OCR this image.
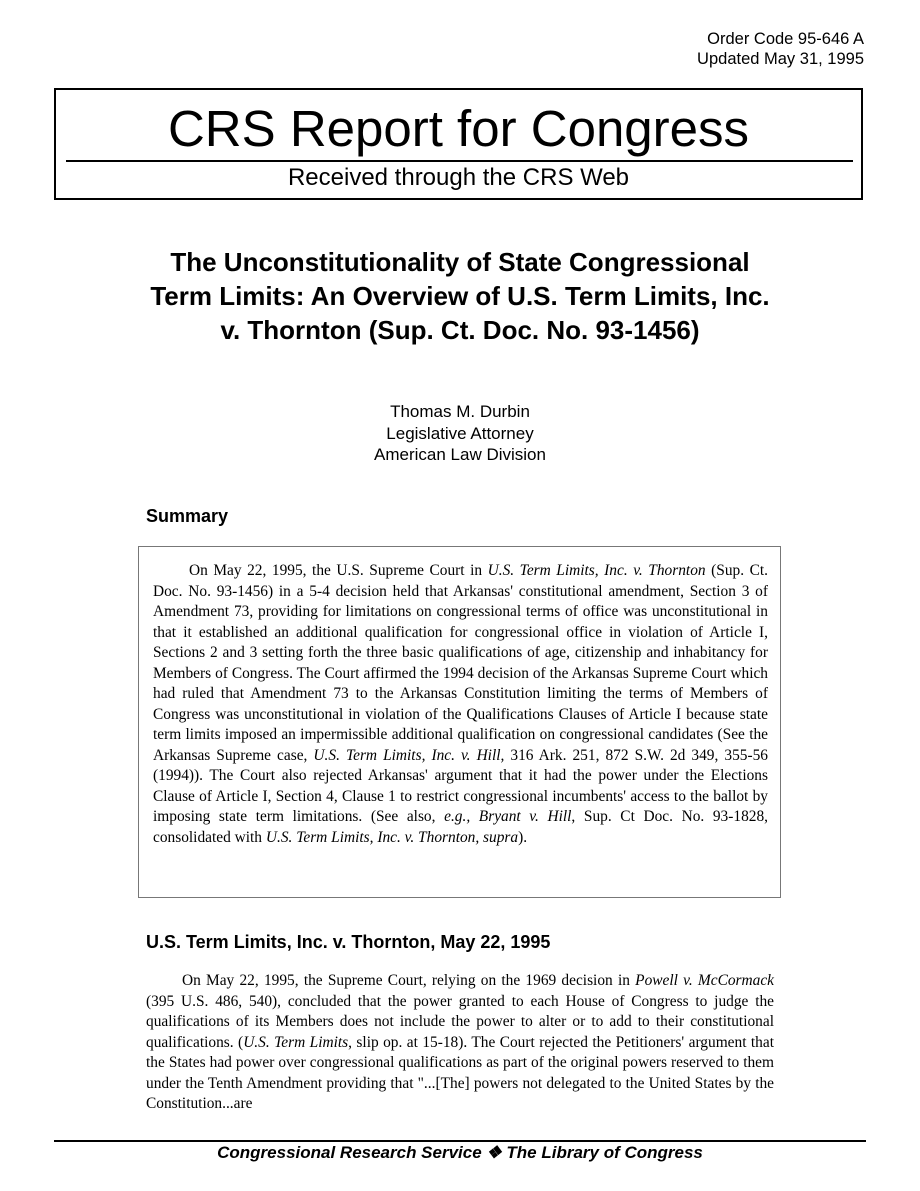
Order Code 95-646 A
Updated May 31, 1995
CRS Report for Congress
Received through the CRS Web
The Unconstitutionality of State Congressional Term Limits: An Overview of U.S. Term Limits, Inc. v. Thornton (Sup. Ct. Doc. No. 93-1456)
Thomas M. Durbin
Legislative Attorney
American Law Division
Summary

On May 22, 1995, the U.S. Supreme Court in U.S. Term Limits, Inc. v. Thornton (Sup. Ct. Doc. No. 93-1456) in a 5-4 decision held that Arkansas' constitutional amendment, Section 3 of Amendment 73, providing for limitations on congressional terms of office was unconstitutional in that it established an additional qualification for congressional office in violation of Article I, Sections 2 and 3 setting forth the three basic qualifications of age, citizenship and inhabitancy for Members of Congress. The Court affirmed the 1994 decision of the Arkansas Supreme Court which had ruled that Amendment 73 to the Arkansas Constitution limiting the terms of Members of Congress was unconstitutional in violation of the Qualifications Clauses of Article I because state term limits imposed an impermissible additional qualification on congressional candidates (See the Arkansas Supreme case, U.S. Term Limits, Inc. v. Hill, 316 Ark. 251, 872 S.W. 2d 349, 355-56 (1994)). The Court also rejected Arkansas' argument that it had the power under the Elections Clause of Article I, Section 4, Clause 1 to restrict congressional incumbents' access to the ballot by imposing state term limitations. (See also, e.g., Bryant v. Hill, Sup. Ct Doc. No. 93-1828, consolidated with U.S. Term Limits, Inc. v. Thornton, supra).

U.S. Term Limits, Inc. v. Thornton, May 22, 1995

On May 22, 1995, the Supreme Court, relying on the 1969 decision in Powell v. McCormack (395 U.S. 486, 540), concluded that the power granted to each House of Congress to judge the qualifications of its Members does not include the power to alter or to add to their constitutional qualifications. (U.S. Term Limits, slip op. at 15-18). The Court rejected the Petitioners' argument that the States had power over congressional qualifications as part of the original powers reserved to them under the Tenth Amendment providing that "...[The] powers not delegated to the United States by the Constitution...are

Congressional Research Service ❖ The Library of Congress
